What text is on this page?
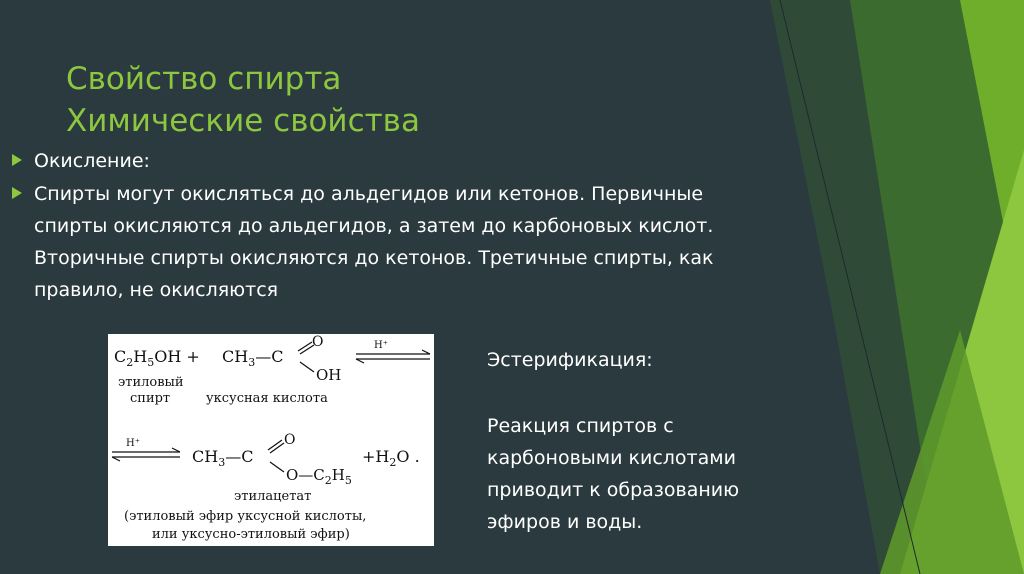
Свойство спирта
Химические свойства
Окисление:
Спирты могут окисляться до альдегидов или кетонов. Первичные спирты окисляются до альдегидов, а затем до карбоновых кислот. Вторичные спирты окисляются до кетонов. Третичные спирты, как правило, не окисляются
$C_2H_5OH$ + $CH_3—C$
O
OH
H⁺
этиловый
спирт	уксусная кислота
H⁺
$CH_3—C$
O
$O—C_2H_5$
$+H_2O$ .
этилацетат
(этиловый эфир уксусной кислоты,
или уксусно-этиловый эфир)
Эстерификация:
Реакция спиртов с карбоновыми кислотами приводит к образованию эфиров и воды.
